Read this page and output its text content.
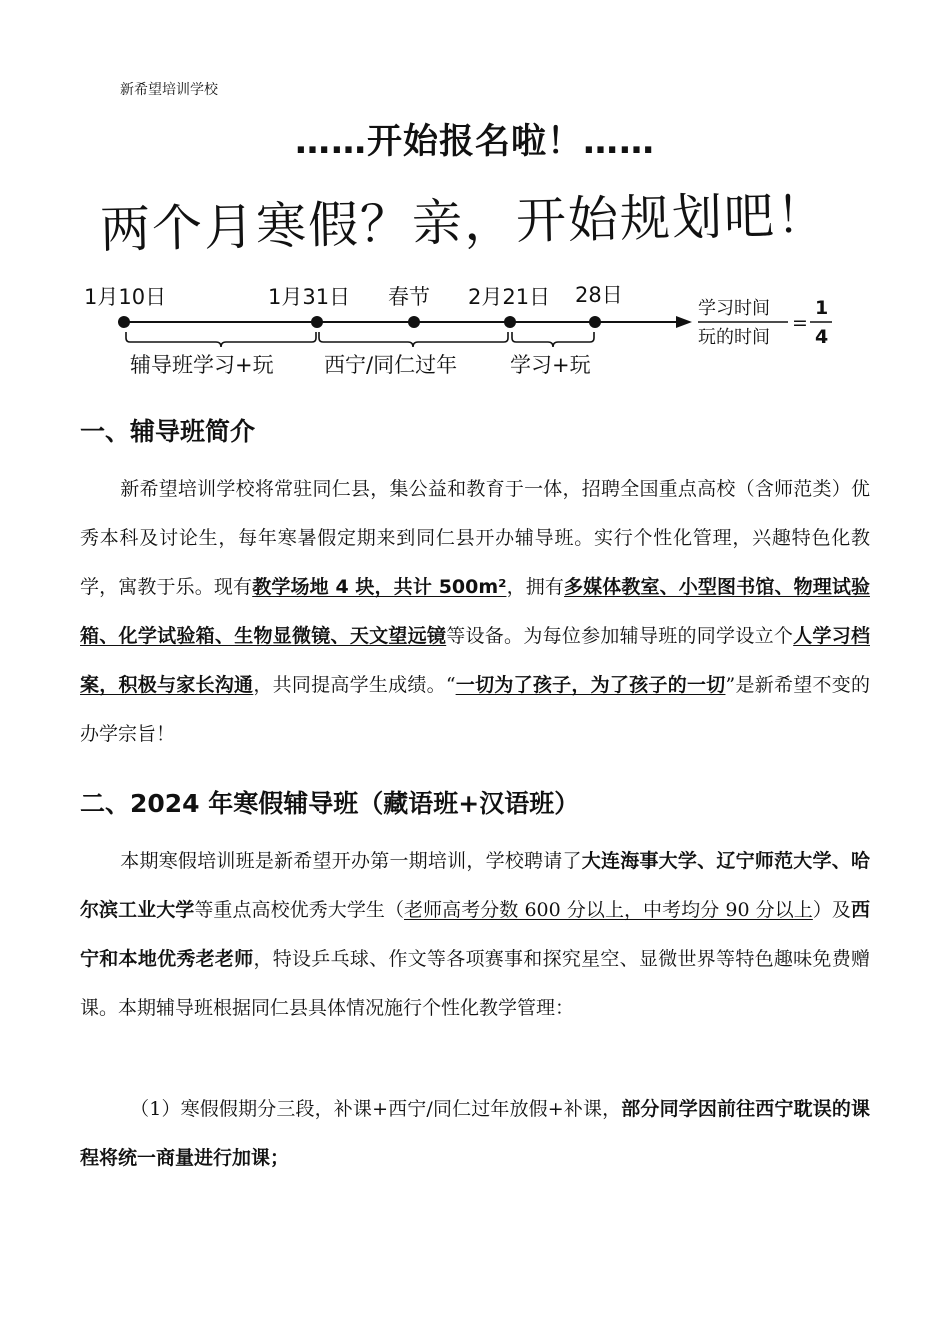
新希望培训学校
……开始报名啦！……
两个月寒假？亲，开始规划吧！
1月10日	1月31日 春节 2月21日 28日
辅导班学习+玩 西宁/同仁过年	学习+玩
学习时间
玩的时间
=
1
4
一、辅导班简介

新希望培训学校将常驻同仁县，集公益和教育于一体，招聘全国重点高校（含师范类）优秀本科及讨论生，每年寒暑假定期来到同仁县开办辅导班。实行个性化管理，兴趣特色化教学，寓教于乐。现有教学场地 4 块，共计 500m²，拥有多媒体教室、小型图书馆、物理试验箱、化学试验箱、生物显微镜、天文望远镜等设备。为每位参加辅导班的同学设立个人学习档案，积极与家长沟通，共同提高学生成绩。“一切为了孩子，为了孩子的一切”是新希望不变的办学宗旨！

二、2024 年寒假辅导班（藏语班+汉语班）

本期寒假培训班是新希望开办第一期培训，学校聘请了大连海事大学、辽宁师范大学、哈尔滨工业大学等重点高校优秀大学生（老师高考分数 600 分以上，中考均分 90 分以上）及西宁和本地优秀老老师，特设乒乓球、作文等各项赛事和探究星空、显微世界等特色趣味免费赠课。本期辅导班根据同仁县具体情况施行个性化教学管理：

（1）寒假假期分三段，补课+西宁/同仁过年放假+补课，部分同学因前往西宁耽误的课程将统一商量进行加课；
